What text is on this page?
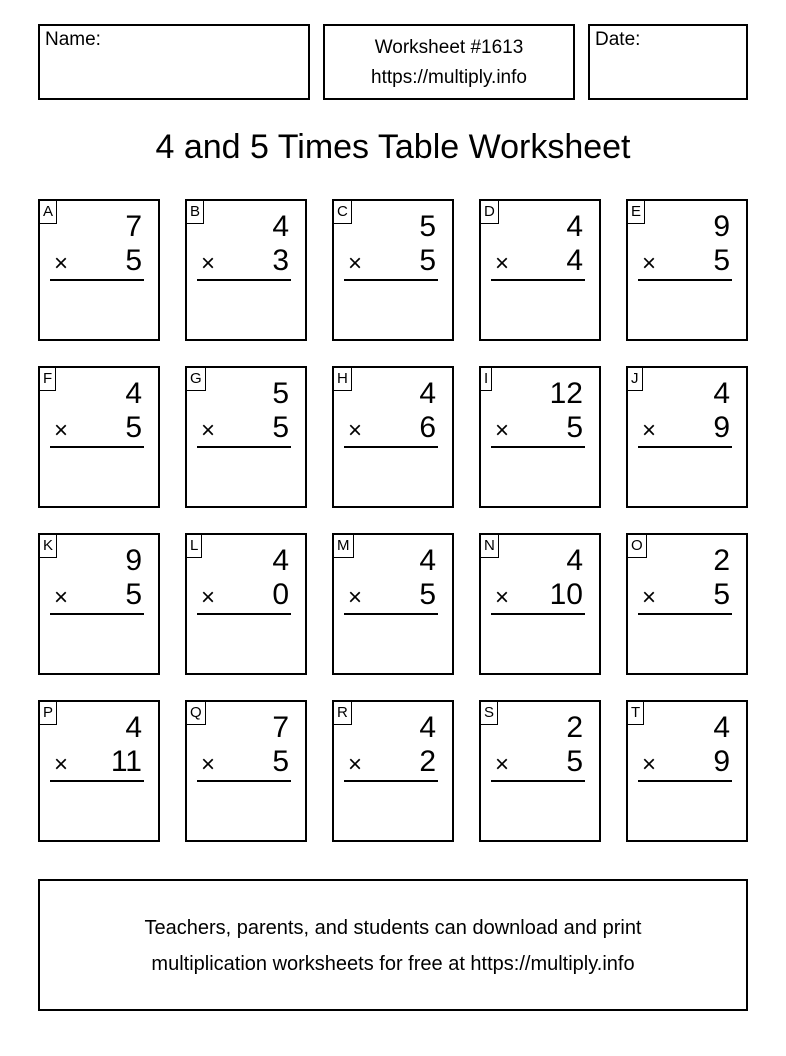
Name:	Worksheet #1613
https://multiply.info
Date:
4 and 5 Times Table Worksheet
A 7
× 5
B 4
× 3
C 5
× 5
D 4
× 4
E 9
× 5
F 4
× 5
G 5
× 5
H 4
× 6
I 12
× 5
J 4
× 9
K 9
× 5
L 4
× 0
M 4
× 5
N 4
× 10
O 2
× 5
P 4
× 11
Q 7
× 5
R 4
× 2
S 2
× 5
T 4
× 9
Teachers, parents, and students can download and print
multiplication worksheets for free at https://multiply.info
